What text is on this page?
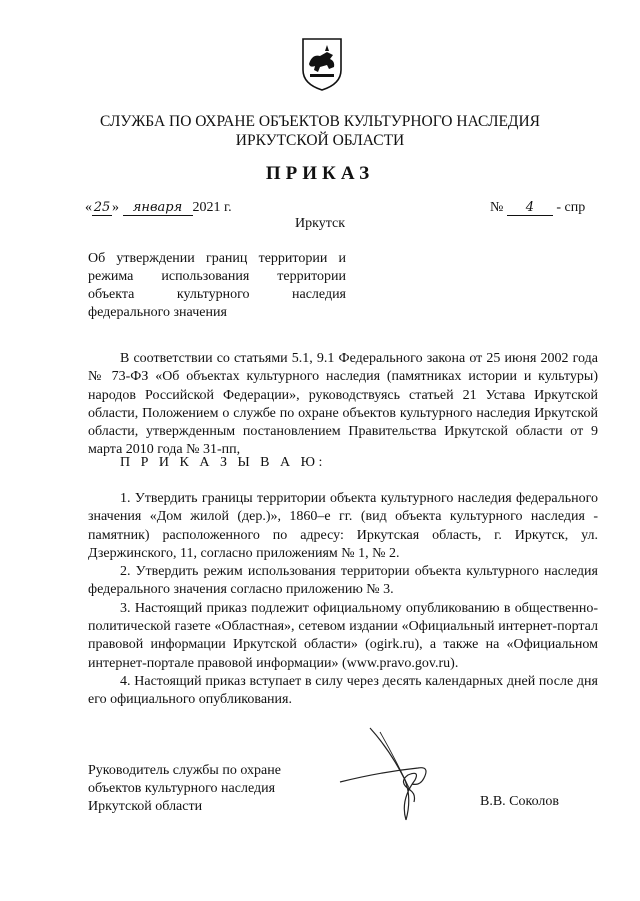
СЛУЖБА ПО ОХРАНЕ ОБЪЕКТОВ КУЛЬТУРНОГО НАСЛЕДИЯ
ИРКУТСКОЙ ОБЛАСТИ
ПРИКАЗ
« 25 » января 2021 г.	№ 4 - спр
Иркутск
Об утверждении границ территории и режима использования территории объекта культурного наследия федерального значения

В соответствии со статьями 5.1, 9.1 Федерального закона от 25 июня 2002 года № 73-ФЗ «Об объектах культурного наследия (памятниках истории и культуры) народов Российской Федерации», руководствуясь статьей 21 Устава Иркутской области, Положением о службе по охране объектов культурного наследия Иркутской области, утвержденным постановлением Правительства Иркутской области от 9 марта 2010 года № 31-пп,

П Р И К А З Ы В А Ю:

1. Утвердить границы территории объекта культурного наследия федерального значения «Дом жилой (дер.)», 1860–е гг. (вид объекта культурного наследия - памятник) расположенного по адресу: Иркутская область, г. Иркутск, ул. Дзержинского, 11, согласно приложениям № 1, № 2.

2. Утвердить режим использования территории объекта культурного наследия федерального значения согласно приложению № 3.

3. Настоящий приказ подлежит официальному опубликованию в общественно-политической газете «Областная», сетевом издании «Официальный интернет-портал правовой информации Иркутской области» (ogirk.ru), а также на «Официальном интернет-портале правовой информации» (www.pravo.gov.ru).

4. Настоящий приказ вступает в силу через десять календарных дней после дня его официального опубликования.

Руководитель службы по охране
объектов культурного наследия
Иркутской области	В.В. Соколов
